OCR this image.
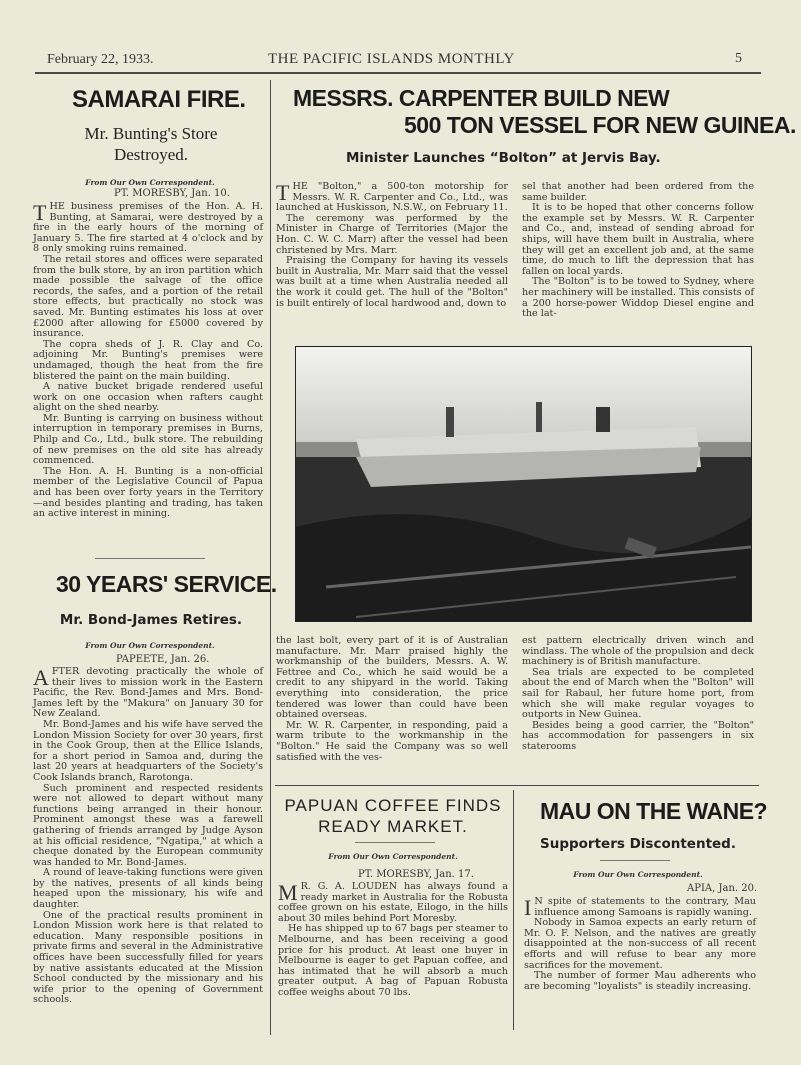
February 22, 1933.	THE PACIFIC ISLANDS MONTHLY	5
SAMARAI FIRE.
Mr. Bunting's Store
Destroyed.
From Our Own Correspondent.
PT. MORESBY, Jan. 10.

THE business premises of the Hon. A. H. Bunting, at Samarai, were destroyed by a fire in the early hours of the morning of January 5. The fire started at 4 o'clock and by 8 only smoking ruins remained.

The retail stores and offices were separated from the bulk store, by an iron partition which made possible the salvage of the office records, the safes, and a portion of the retail store effects, but practically no stock was saved. Mr. Bunting estimates his loss at over £2000 after allowing for £5000 covered by insurance.

The copra sheds of J. R. Clay and Co. adjoining Mr. Bunting's premises were undamaged, though the heat from the fire blistered the paint on the main building.

A native bucket brigade rendered useful work on one occasion when rafters caught alight on the shed nearby.

Mr. Bunting is carrying on business without interruption in temporary premises in Burns, Philp and Co., Ltd., bulk store. The rebuilding of new premises on the old site has already commenced.

The Hon. A. H. Bunting is a non-official member of the Legislative Council of Papua and has been over forty years in the Territory—and besides planting and trading, has taken an active interest in mining.

30 YEARS' SERVICE.
Mr. Bond-James Retires.
From Our Own Correspondent.
PAPEETE, Jan. 26.

AFTER devoting practically the whole of their lives to mission work in the Eastern Pacific, the Rev. Bond-James and Mrs. Bond-James left by the "Makura" on January 30 for New Zealand.

Mr. Bond-James and his wife have served the London Mission Society for over 30 years, first in the Cook Group, then at the Ellice Islands, for a short period in Samoa and, during the last 20 years at headquarters of the Society's Cook Islands branch, Rarotonga.

Such prominent and respected residents were not allowed to depart without many functions being arranged in their honour. Prominent amongst these was a farewell gathering of friends arranged by Judge Ayson at his official residence, "Ngatipa," at which a cheque donated by the European community was handed to Mr. Bond-James.

A round of leave-taking functions were given by the natives, presents of all kinds being heaped upon the missionary, his wife and daughter.

One of the practical results prominent in London Mission work here is that related to education. Many responsible positions in private firms and several in the Administrative offices have been successfully filled for years by native assistants educated at the Mission School conducted by the missionary and his wife prior to the opening of Government schools.

MESSRS. CARPENTER BUILD NEW
500 TON VESSEL FOR NEW GUINEA.
Minister Launches “Bolton” at Jervis Bay.

THE "Bolton," a 500-ton motorship for Messrs. W. R. Carpenter and Co., Ltd., was launched at Huskisson, N.S.W., on February 11.

The ceremony was performed by the Minister in Charge of Territories (Major the Hon. C. W. C. Marr) after the vessel had been christened by Mrs. Marr.

Praising the Company for having its vessels built in Australia, Mr. Marr said that the vessel was built at a time when Australia needed all the work it could get. The hull of the "Bolton" is built entirely of local hardwood and, down to

sel that another had been ordered from the same builder.

It is to be hoped that other concerns follow the example set by Messrs. W. R. Carpenter and Co., and, instead of sending abroad for ships, will have them built in Australia, where they will get an excellent job and, at the same time, do much to lift the depression that has fallen on local yards.

The "Bolton" is to be towed to Sydney, where her machinery will be installed. This consists of a 200 horse-power Widdop Diesel engine and the lat-

the last bolt, every part of it is of Australian manufacture. Mr. Marr praised highly the workmanship of the builders, Messrs. A. W. Fettree and Co., which he said would be a credit to any shipyard in the world. Taking everything into consideration, the price tendered was lower than could have been obtained overseas.

Mr. W. R. Carpenter, in responding, paid a warm tribute to the workmanship in the "Bolton." He said the Company was so well satisfied with the ves-

est pattern electrically driven winch and windlass. The whole of the propulsion and deck machinery is of British manufacture.

Sea trials are expected to be completed about the end of March when the "Bolton" will sail for Rabaul, her future home port, from which she will make regular voyages to outports in New Guinea.

Besides being a good carrier, the "Bolton" has accommodation for passengers in six staterooms

PAPUAN COFFEE FINDS
READY MARKET.
From Our Own Correspondent.
PT. MORESBY, Jan. 17.

M R. G. A. LOUDEN has always found a ready market in Australia for the Robusta coffee grown on his estate, Eilogo, in the hills about 30 miles behind Port Moresby.

He has shipped up to 67 bags per steamer to Melbourne, and has been receiving a good price for his product. At least one buyer in Melbourne is eager to get Papuan coffee, and has intimated that he will absorb a much greater output. A bag of Papuan Robusta coffee weighs about 70 lbs.

MAU ON THE WANE?
Supporters Discontented.
From Our Own Correspondent.
APIA, Jan. 20.

I N spite of statements to the contrary, Mau influence among Samoans is rapidly waning.

Nobody in Samoa expects an early return of Mr. O. F. Nelson, and the natives are greatly disappointed at the non-success of all recent efforts and will refuse to bear any more sacrifices for the movement.

The number of former Mau adherents who are becoming "loyalists" is steadily increasing.
